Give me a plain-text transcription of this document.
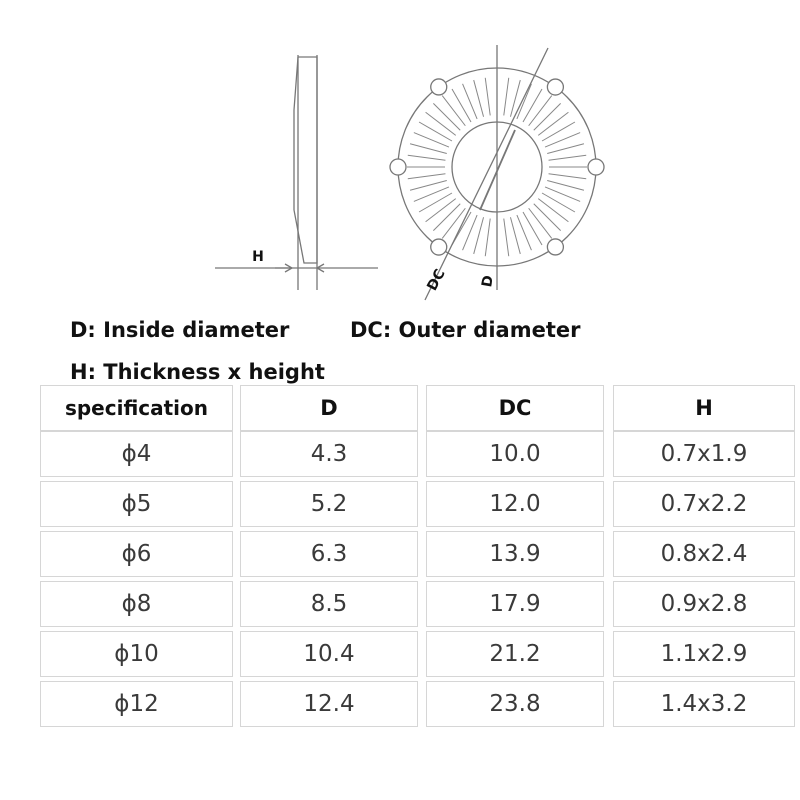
H
DC D
D: Inside diameter	DC: Outer diameter
H: Thickness x height
specification	D	DC	H
ϕ4	4.3	10.0	0.7x1.9
ϕ5	5.2	12.0	0.7x2.2
ϕ6	6.3	13.9	0.8x2.4
ϕ8	8.5	17.9	0.9x2.8
ϕ10	10.4	21.2	1.1x2.9
ϕ12	12.4	23.8	1.4x3.2
